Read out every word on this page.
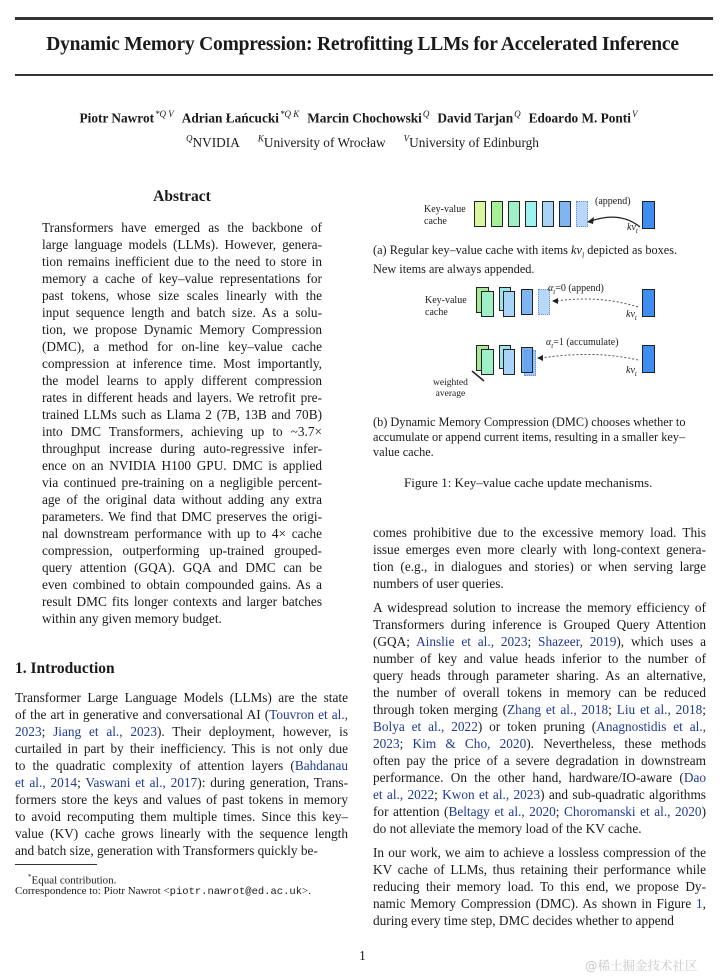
Dynamic Memory Compression: Retrofitting LLMs for Accelerated Inference
Piotr Nawrot$^{*Q V}$ Adrian Łańcucki$^{*Q K}$ Marcin Chochowski$^Q$ David Tarjan$^Q$ Edoardo M. Ponti$^V$
$^Q$NVIDIA $^K$University of Wrocław $^V$University of Edinburgh
Abstract
Transformers have emerged as the backbone of
large language models (LLMs). However, genera-
tion remains inefficient due to the need to store in
memory a cache of key–value representations for
past tokens, whose size scales linearly with the
input sequence length and batch size. As a solu-
tion, we propose Dynamic Memory Compression
(DMC), a method for on-line key–value cache
compression at inference time. Most importantly,
the model learns to apply different compression
rates in different heads and layers. We retrofit pre-
trained LLMs such as Llama 2 (7B, 13B and 70B)
into DMC Transformers, achieving up to ~3.7×
throughput increase during auto-regressive infer-
ence on an NVIDIA H100 GPU. DMC is applied
via continued pre-training on a negligible percent-
age of the original data without adding any extra
parameters. We find that DMC preserves the origi-
nal downstream performance with up to 4× cache
compression, outperforming up-trained grouped-
query attention (GQA). GQA and DMC can be
even combined to obtain compounded gains. As a
result DMC fits longer contexts and larger batches
within any given memory budget.
1. Introduction
Transformer Large Language Models (LLMs) are the state
of the art in generative and conversational AI (Touvron et al.,
2023; Jiang et al., 2023). Their deployment, however, is
curtailed in part by their inefficiency. This is not only due
to the quadratic complexity of attention layers (Bahdanau
et al., 2014; Vaswani et al., 2017): during generation, Trans-
formers store the keys and values of past tokens in memory
to avoid recomputing them multiple times. Since this key–
value (KV) cache grows linearly with the sequence length
and batch size, generation with Transformers quickly be-
*Equal contribution.
Correspondence to: Piotr Nawrot <piotr.nawrot@ed.ac.uk>.
Key-value
cache
(append)
$kv_t$
(a) Regular key–value cache with items $kv_i$ depicted as boxes.
New items are always appended.
Key-value
cache
$\alpha_t=0$ (append)
$kv_t$
$\alpha_t=1$ (accumulate)
$kv_t$
weighted
average
(b) Dynamic Memory Compression (DMC) chooses whether to
accumulate or append current items, resulting in a smaller key–
value cache.
Figure 1: Key–value cache update mechanisms.
comes prohibitive due to the excessive memory load. This
issue emerges even more clearly with long-context genera-
tion (e.g., in dialogues and stories) or when serving large
numbers of user queries.
A widespread solution to increase the memory efficiency of
Transformers during inference is Grouped Query Attention
(GQA; Ainslie et al., 2023; Shazeer, 2019), which uses a
number of key and value heads inferior to the number of
query heads through parameter sharing. As an alternative,
the number of overall tokens in memory can be reduced
through token merging (Zhang et al., 2018; Liu et al., 2018;
Bolya et al., 2022) or token pruning (Anagnostidis et al.,
2023; Kim & Cho, 2020). Nevertheless, these methods
often pay the price of a severe degradation in downstream
performance. On the other hand, hardware/IO-aware (Dao
et al., 2022; Kwon et al., 2023) and sub-quadratic algorithms
for attention (Beltagy et al., 2020; Choromanski et al., 2020)
do not alleviate the memory load of the KV cache.
In our work, we aim to achieve a lossless compression of the
KV cache of LLMs, thus retaining their performance while
reducing their memory load. To this end, we propose Dy-
namic Memory Compression (DMC). As shown in Figure 1,
during every time step, DMC decides whether to append
1
@稀土掘金技术社区
